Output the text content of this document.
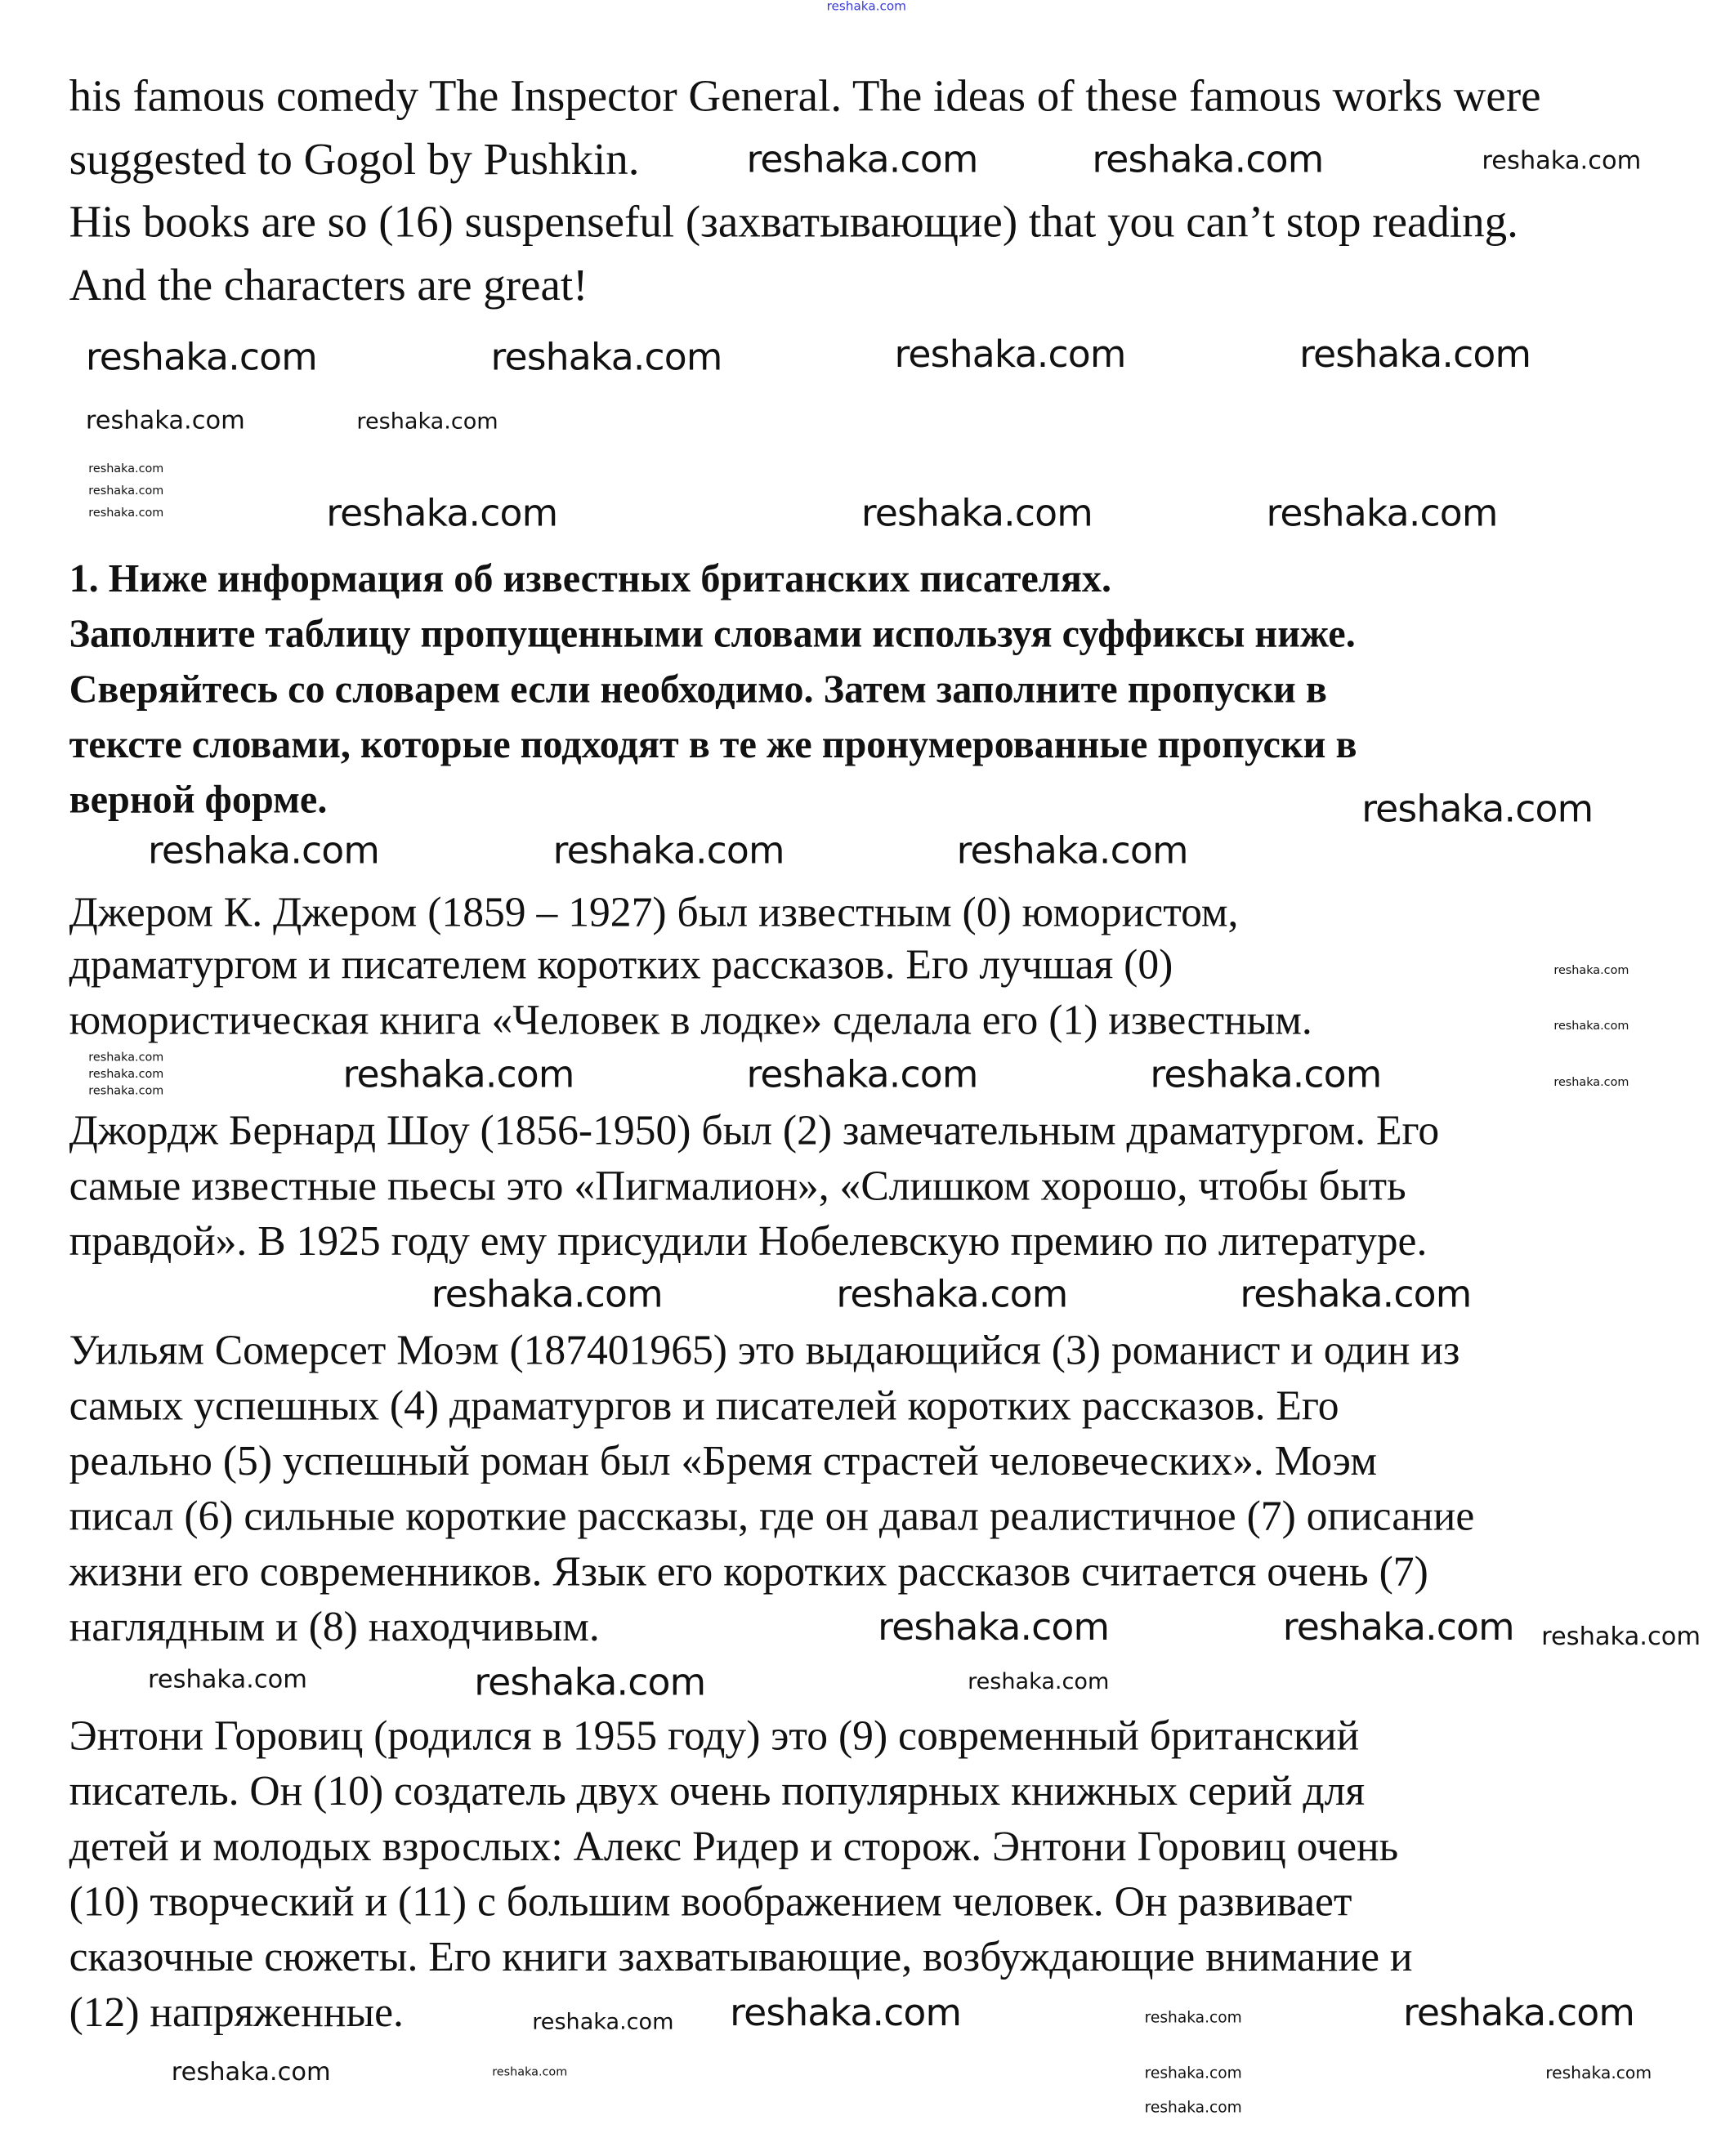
his famous comedy The Inspector General. The ideas of these famous works were
suggested to Gogol by Pushkin.
His books are so (16) suspenseful (захватывающие) that you can’t stop reading.
And the characters are great!
1. Ниже информация об известных британских писателях.
Заполните таблицу пропущенными словами используя суффиксы ниже.
Сверяйтесь со словарем если необходимо. Затем заполните пропуски в
тексте словами, которые подходят в те же пронумерованные пропуски в
верной форме.
Джером К. Джером (1859 – 1927) был известным (0) юмористом,
драматургом и писателем коротких рассказов. Его лучшая (0)
юмористическая книга «Человек в лодке» сделала его (1) известным.
Джордж Бернард Шоу (1856-1950) был (2) замечательным драматургом. Его
самые известные пьесы это «Пигмалион», «Слишком хорошо, чтобы быть
правдой». В 1925 году ему присудили Нобелевскую премию по литературе.
Уильям Сомерсет Моэм (187401965) это выдающийся (3) романист и один из
самых успешных (4) драматургов и писателей коротких рассказов. Его
реально (5) успешный роман был «Бремя страстей человеческих». Моэм
писал (6) сильные короткие рассказы, где он давал реалистичное (7) описание
жизни его современников. Язык его коротких рассказов считается очень (7)
наглядным и (8) находчивым.
Энтони Горовиц (родился в 1955 году) это (9) современный британский
писатель. Он (10) создатель двух очень популярных книжных серий для
детей и молодых взрослых: Алекс Ридер и сторож. Энтони Горовиц очень
(10) творческий и (11) с большим воображением человек. Он развивает
сказочные сюжеты. Его книги захватывающие, возбуждающие внимание и
(12) напряженные.
reshaka.com
reshaka.com	reshaka.com
reshaka.com	reshaka.com	reshaka.com
reshaka.com	reshaka.com	reshaka.com	reshaka.com
reshaka.com
reshaka.com
reshaka.com	reshaka.com	reshaka.com	reshaka.com
reshaka.com
reshaka.com	reshaka.com	reshaka.com
reshaka.com
reshaka.com
reshaka.com
reshaka.com	reshaka.com
reshaka.com
reshaka.com
reshaka.com
reshaka.com
reshaka.com	reshaka.com
reshaka.com
reshaka.com
reshaka.com
reshaka.com	reshaka.com
reshaka.com
reshaka.com
reshaka.com
reshaka.com
reshaka.com
reshaka.com
reshaka.com
reshaka.com	reshaka.com	reshaka.com
reshaka.com
